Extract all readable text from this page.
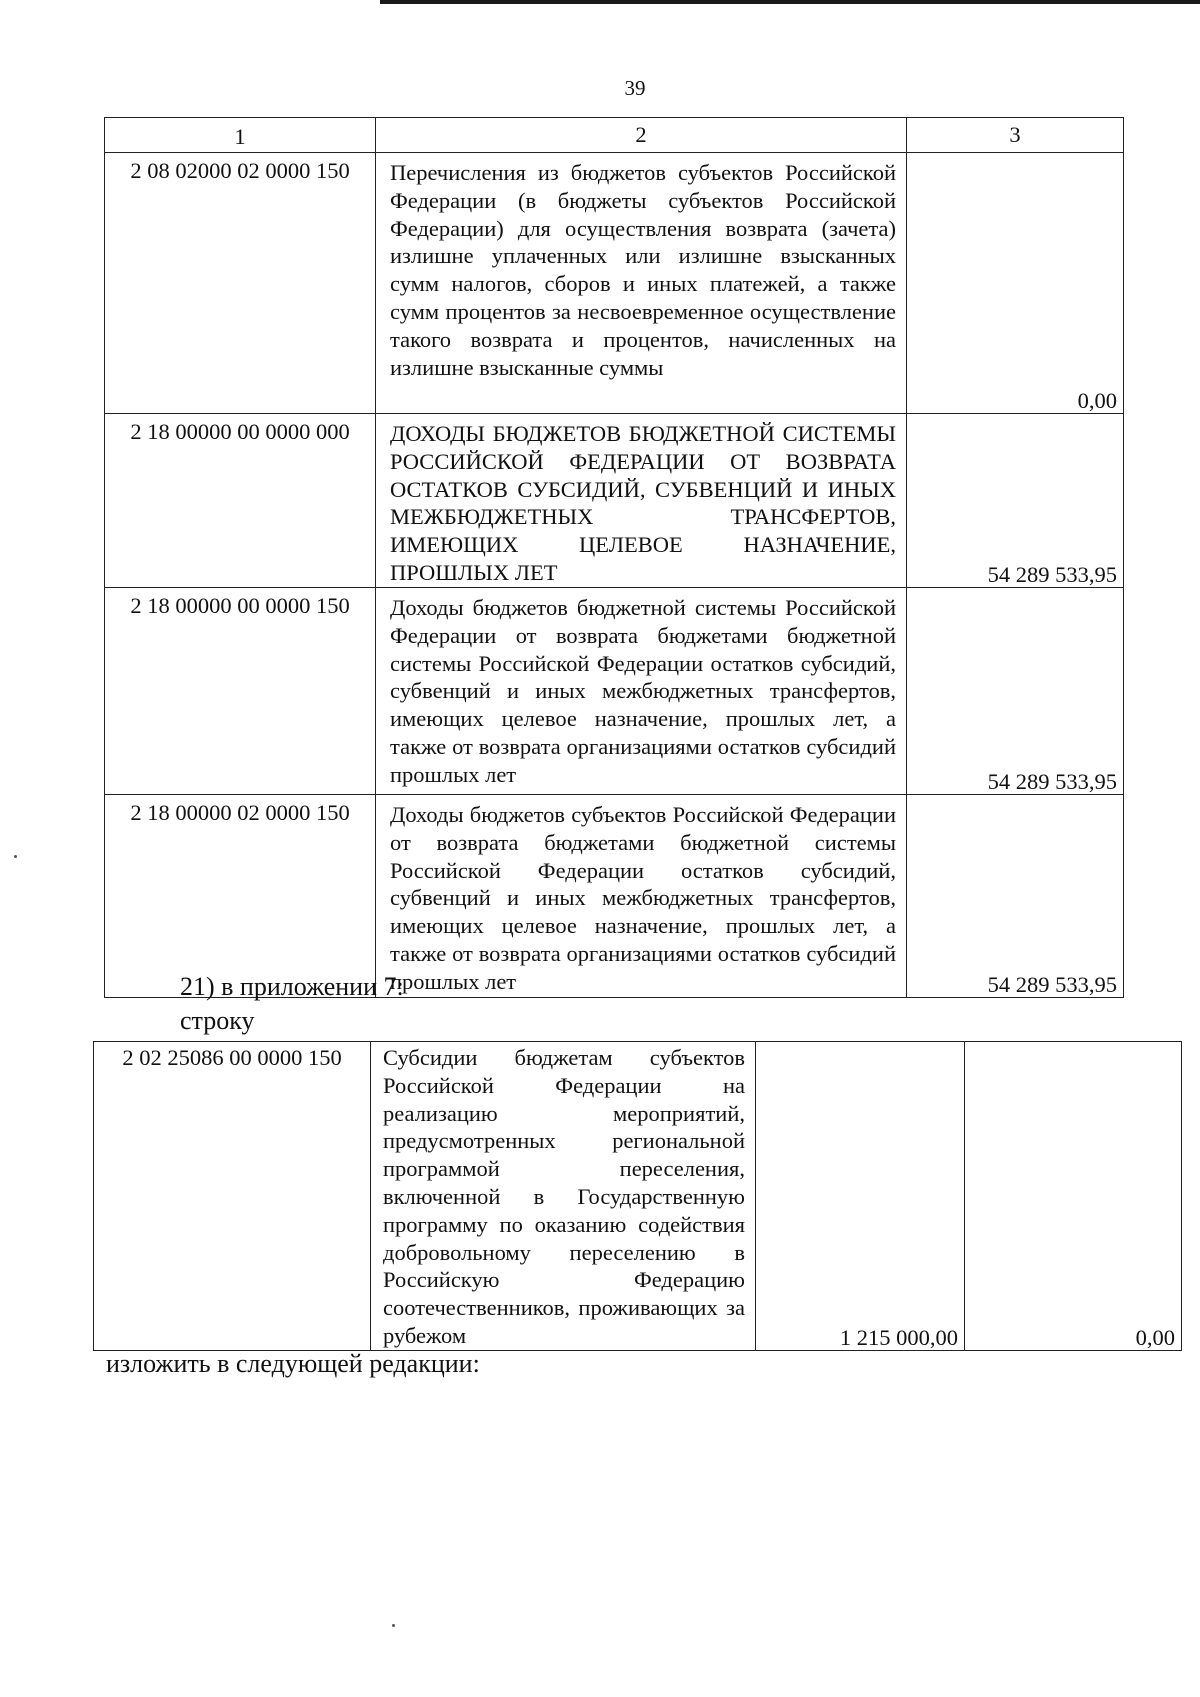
39
1	2	3
2 08 02000 02 0000 150	Перечисления из бюджетов субъектов Российской Федерации (в бюджеты субъектов Российской Федерации) для осуществления возврата (зачета) излишне уплаченных или излишне взысканных сумм налогов, сборов и иных платежей, а также сумм процентов за несвоевременное осуществление такого возврата и процентов, начисленных на излишне взысканные суммы	0,00
2 18 00000 00 0000 000	ДОХОДЫ БЮДЖЕТОВ БЮДЖЕТНОЙ СИСТЕМЫ РОССИЙСКОЙ ФЕДЕРАЦИИ ОТ ВОЗВРАТА ОСТАТКОВ СУБСИДИЙ, СУБВЕНЦИЙ И ИНЫХ МЕЖБЮДЖЕТНЫХ ТРАНСФЕРТОВ, ИМЕЮЩИХ ЦЕЛЕВОЕ НАЗНАЧЕНИЕ, ПРОШЛЫХ ЛЕТ	54 289 533,95
2 18 00000 00 0000 150	Доходы бюджетов бюджетной системы Российской Федерации от возврата бюджетами бюджетной системы Российской Федерации остатков субсидий, субвенций и иных межбюджетных трансфертов, имеющих целевое назначение, прошлых лет, а также от возврата организациями остатков субсидий прошлых лет	54 289 533,95
2 18 00000 02 0000 150	Доходы бюджетов субъектов Российской Федерации от возврата бюджетами бюджетной системы Российской Федерации остатков субсидий, субвенций и иных межбюджетных трансфертов, имеющих целевое назначение, прошлых лет, а также от возврата организациями остатков субсидий прошлых лет	54 289 533,95
21) в приложении 7:
строку
2 02 25086 00 0000 150	Субсидии бюджетам субъектов Российской Федерации на реализацию мероприятий, предусмотренных региональной программой переселения, включенной в Государственную программу по оказанию содействия добровольному переселению в Российскую Федерацию соотечественников, проживающих за рубежом	1 215 000,00	0,00
изложить в следующей редакции:
